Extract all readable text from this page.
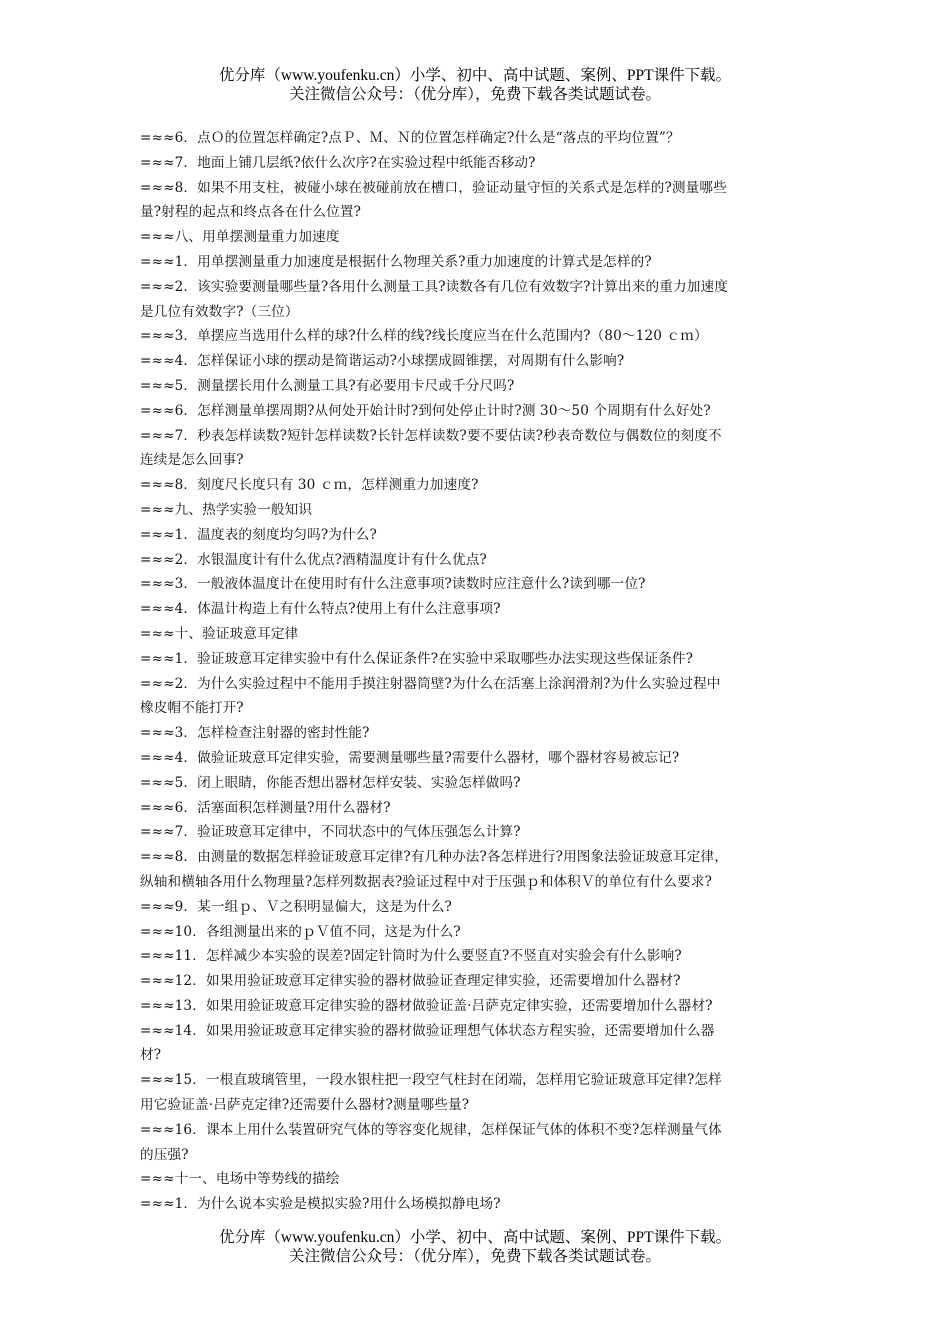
优分库（www.youfenku.cn）小学、初中、高中试题、案例、PPT课件下载。
关注微信公众号：（优分库），免费下载各类试题试卷。
=≈≈6．点Ｏ的位置怎样确定?点Ｐ、Ｍ、Ｎ的位置怎样确定?什么是“落点的平均位置”？
=≈≈7．地面上铺几层纸?依什么次序?在实验过程中纸能否移动?
=≈≈8．如果不用支柱，被碰小球在被碰前放在槽口，验证动量守恒的关系式是怎样的?测量哪些
量?射程的起点和终点各在什么位置?
=≈≈八、用单摆测量重力加速度
=≈≈1．用单摆测量重力加速度是根据什么物理关系?重力加速度的计算式是怎样的?
=≈≈2．该实验要测量哪些量?各用什么测量工具?读数各有几位有效数字?计算出来的重力加速度
是几位有效数字?（三位）
=≈≈3．单摆应当选用什么样的球?什么样的线?线长度应当在什么范围内?（80～120 ｃｍ）
=≈≈4．怎样保证小球的摆动是简谐运动?小球摆成圆锥摆，对周期有什么影响?
=≈≈5．测量摆长用什么测量工具?有必要用卡尺或千分尺吗?
=≈≈6．怎样测量单摆周期?从何处开始计时?到何处停止计时?测 30～50 个周期有什么好处?
=≈≈7．秒表怎样读数?短针怎样读数?长针怎样读数?要不要估读?秒表奇数位与偶数位的刻度不
连续是怎么回事?
=≈≈8．刻度尺长度只有 30 ｃｍ，怎样测重力加速度?
=≈≈九、热学实验一般知识
=≈≈1．温度表的刻度均匀吗?为什么?
=≈≈2．水银温度计有什么优点?酒精温度计有什么优点?
=≈≈3．一般液体温度计在使用时有什么注意事项?读数时应注意什么?读到哪一位?
=≈≈4．体温计构造上有什么特点?使用上有什么注意事项?
=≈≈十、验证玻意耳定律
=≈≈1．验证玻意耳定律实验中有什么保证条件?在实验中采取哪些办法实现这些保证条件?
=≈≈2．为什么实验过程中不能用手摸注射器筒壁?为什么在活塞上涂润滑剂?为什么实验过程中
橡皮帽不能打开?
=≈≈3．怎样检查注射器的密封性能?
=≈≈4．做验证玻意耳定律实验，需要测量哪些量?需要什么器材，哪个器材容易被忘记?
=≈≈5．闭上眼睛，你能否想出器材怎样安装、实验怎样做吗?
=≈≈6．活塞面积怎样测量?用什么器材?
=≈≈7．验证玻意耳定律中，不同状态中的气体压强怎么计算?
=≈≈8．由测量的数据怎样验证玻意耳定律?有几种办法?各怎样进行?用图象法验证玻意耳定律，
纵轴和横轴各用什么物理量?怎样列数据表?验证过程中对于压强ｐ和体积Ｖ的单位有什么要求?
=≈≈9．某一组ｐ、Ｖ之积明显偏大，这是为什么?
=≈≈10．各组测量出来的ｐＶ值不同，这是为什么?
=≈≈11．怎样减少本实验的误差?固定针筒时为什么要竖直?不竖直对实验会有什么影响?
=≈≈12．如果用验证玻意耳定律实验的器材做验证查理定律实验，还需要增加什么器材?
=≈≈13．如果用验证玻意耳定律实验的器材做验证盖·吕萨克定律实验，还需要增加什么器材?
=≈≈14．如果用验证玻意耳定律实验的器材做验证理想气体状态方程实验，还需要增加什么器
材?
=≈≈15．一根直玻璃管里，一段水银柱把一段空气柱封在闭端，怎样用它验证玻意耳定律?怎样
用它验证盖·吕萨克定律?还需要什么器材?测量哪些量?
=≈≈16．课本上用什么装置研究气体的等容变化规律，怎样保证气体的体积不变?怎样测量气体
的压强?
=≈≈十一、电场中等势线的描绘
=≈≈1．为什么说本实验是模拟实验?用什么场模拟静电场?
优分库（www.youfenku.cn）小学、初中、高中试题、案例、PPT课件下载。
关注微信公众号：（优分库），免费下载各类试题试卷。
